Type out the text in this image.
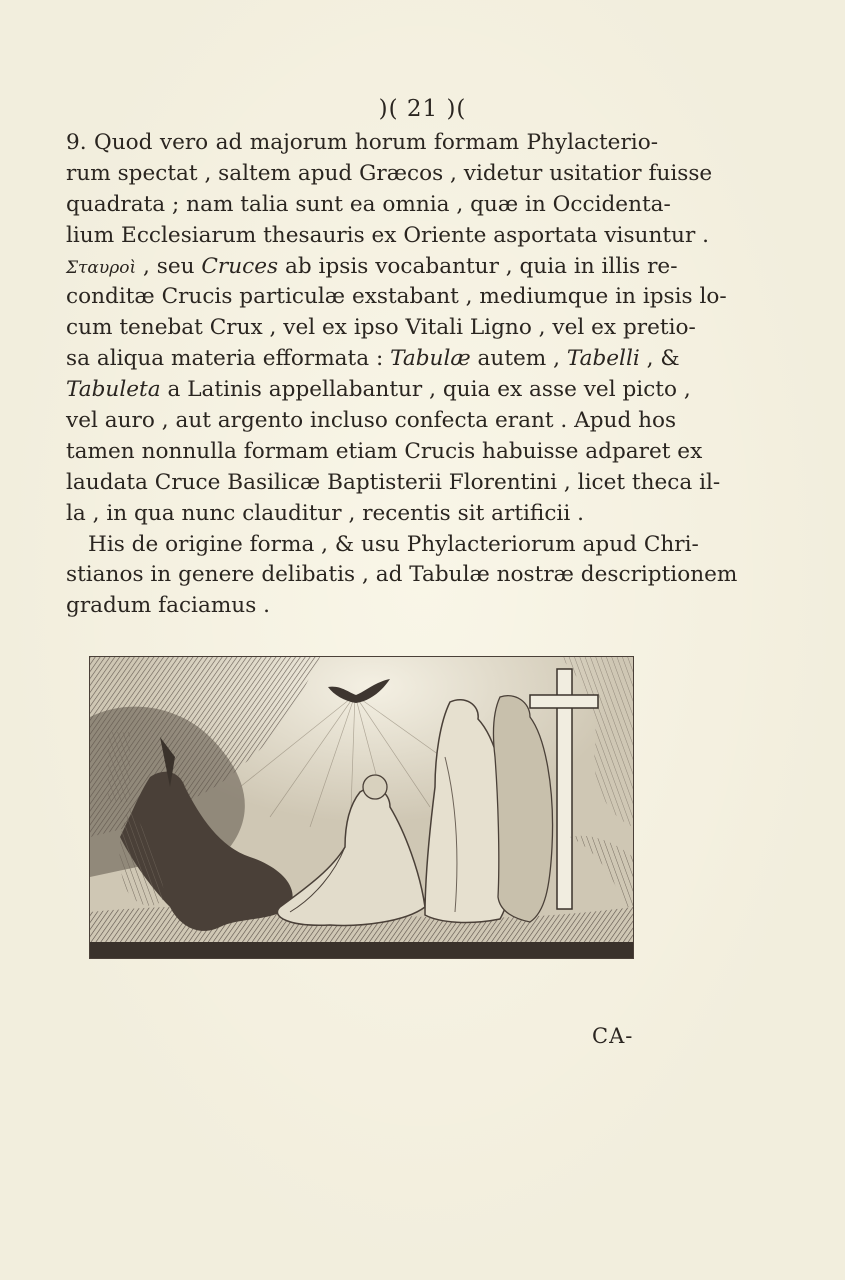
)( 21 )(
9. Quod vero ad majorum horum formam Phylacterio-
rum spectat , saltem apud Græcos , videtur usitatior fuisse
quadrata ; nam talia sunt ea omnia , quæ in Occidenta-
lium Ecclesiarum thesauris ex Oriente asportata visuntur .
Σταυροὶ , seu Cruces ab ipsis vocabantur , quia in illis re-
conditæ Crucis particulæ exstabant , mediumque in ipsis lo-
cum tenebat Crux , vel ex ipso Vitali Ligno , vel ex pretio-
sa aliqua materia efformata : Tabulæ autem , Tabelli , &
Tabuleta a Latinis appellabantur , quia ex asse vel picto ,
vel auro , aut argento incluso confecta erant . Apud hos
tamen nonnulla formam etiam Crucis habuisse adparet ex
laudata Cruce Basilicæ Baptisterii Florentini , licet theca il-
la , in qua nunc clauditur , recentis sit artificii .
His de origine forma , & usu Phylacteriorum apud Chri-
stianos in genere delibatis , ad Tabulæ nostræ descriptionem
gradum faciamus .
CA-
